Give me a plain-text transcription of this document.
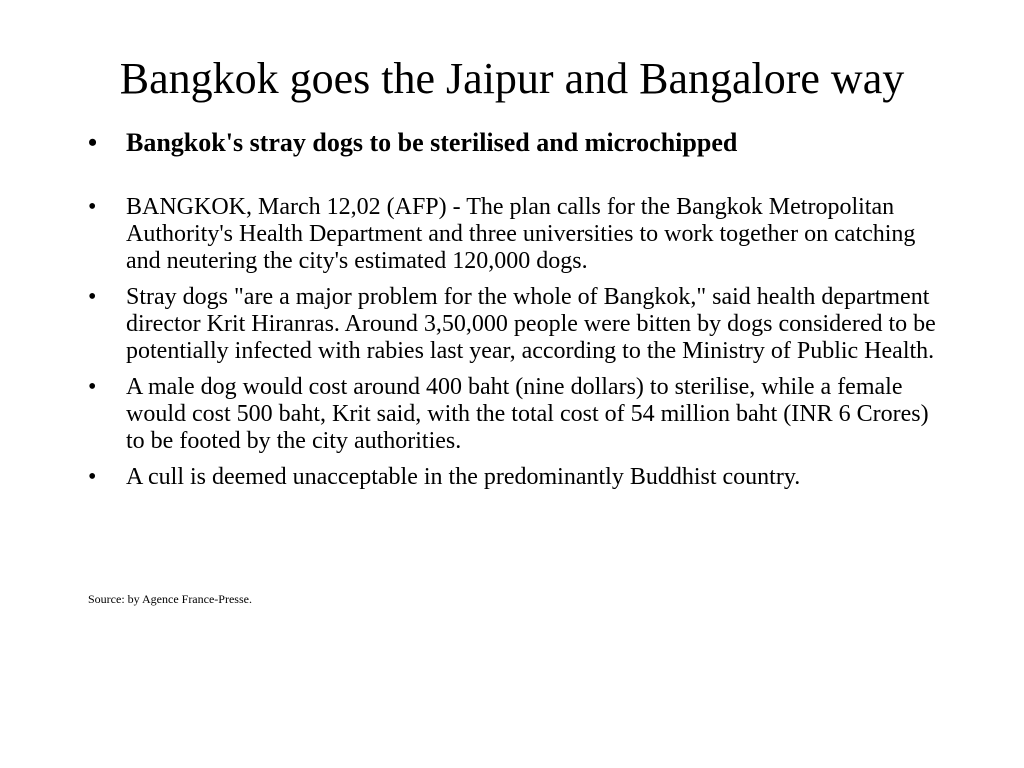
Bangkok goes the Jaipur and Bangalore way
• Bangkok's stray dogs to be sterilised and microchipped
• BANGKOK, March 12,02 (AFP) - The plan calls for the Bangkok Metropolitan Authority's Health Department and three universities to work together on catching and neutering the city's estimated 120,000 dogs.
• Stray dogs "are a major problem for the whole of Bangkok," said health department director Krit Hiranras. Around 3,50,000 people were bitten by dogs considered to be potentially infected with rabies last year, according to the Ministry of Public Health.
• A male dog would cost around 400 baht (nine dollars) to sterilise, while a female would cost 500 baht, Krit said, with the total cost of 54 million baht (INR 6 Crores) to be footed by the city authorities.
• A cull is deemed unacceptable in the predominantly Buddhist country.

Source: by Agence France-Presse.
